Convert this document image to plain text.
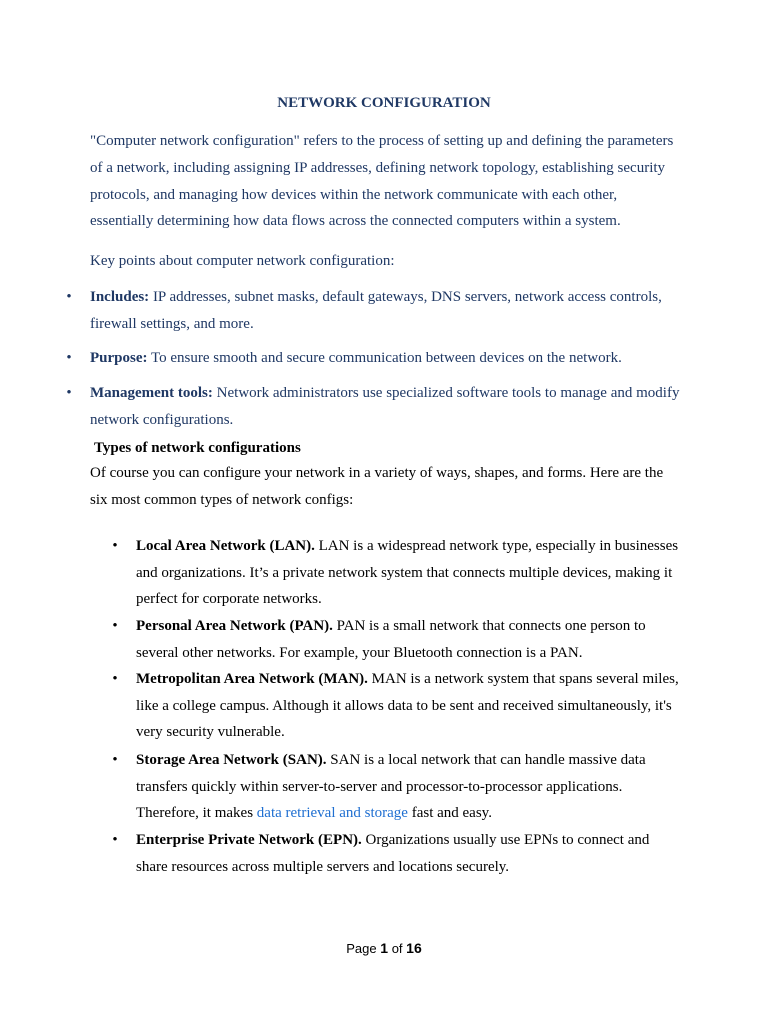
NETWORK CONFIGURATION

"Computer network configuration" refers to the process of setting up and defining the parameters of a network, including assigning IP addresses, defining network topology, establishing security protocols, and managing how devices within the network communicate with each other, essentially determining how data flows across the connected computers within a system.

Key points about computer network configuration:

• Includes: IP addresses, subnet masks, default gateways, DNS servers, network access controls, firewall settings, and more.
• Purpose: To ensure smooth and secure communication between devices on the network.
• Management tools: Network administrators use specialized software tools to manage and modify network configurations.
Types of network configurations

Of course you can configure your network in a variety of ways, shapes, and forms. Here are the six most common types of network configs:

• Local Area Network (LAN). LAN is a widespread network type, especially in businesses and organizations. It’s a private network system that connects multiple devices, making it perfect for corporate networks.
• Personal Area Network (PAN). PAN is a small network that connects one person to several other networks. For example, your Bluetooth connection is a PAN.
• Metropolitan Area Network (MAN). MAN is a network system that spans several miles, like a college campus. Although it allows data to be sent and received simultaneously, it's very security vulnerable.
• Storage Area Network (SAN). SAN is a local network that can handle massive data transfers quickly within server-to-server and processor-to-processor applications. Therefore, it makes data retrieval and storage fast and easy.
• Enterprise Private Network (EPN). Organizations usually use EPNs to connect and share resources across multiple servers and locations securely.
Page 1 of 16
